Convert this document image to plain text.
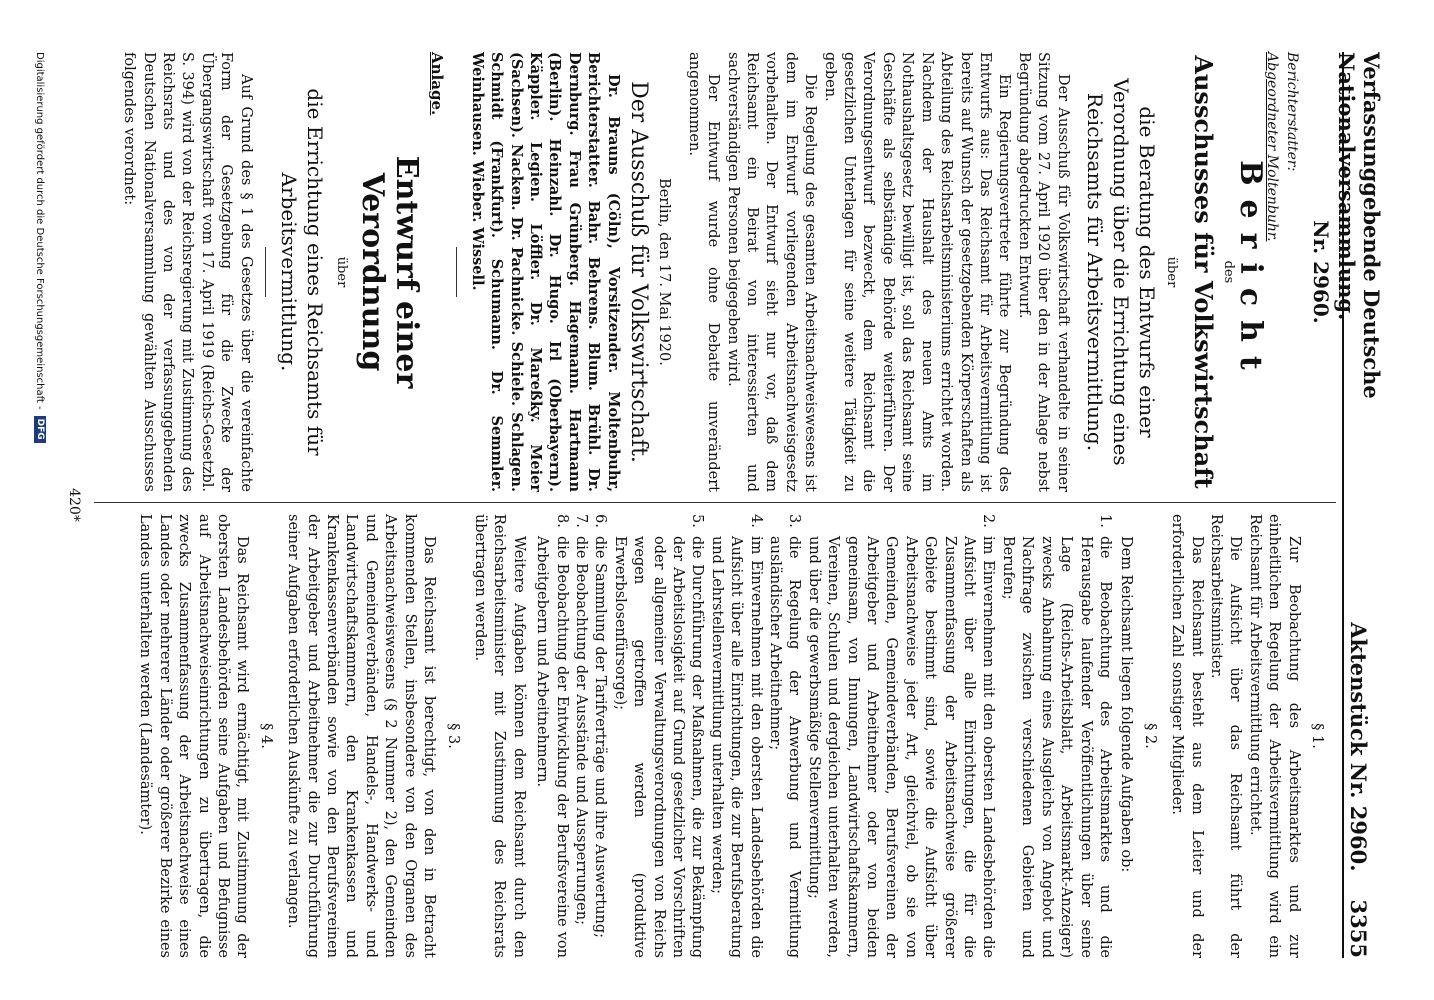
Verfassunggebende Deutsche Nationalversammlung.
Aktenstück Nr. 2960.
3355
Nr. 2960.

Berichterstatter:

Abgeordneter Moltenbuhr.

Bericht
des
Ausschusses für Volkswirtschaft
über
die Beratung des Entwurfs einer Verordnung über die Errichtung eines Reichsamts für Arbeitsvermittlung.

Der Ausschuß für Volkswirtschaft verhandelte in seiner Sitzung vom 27. April 1920 über den in der Anlage nebst Begründung abgedruckten Entwurf.

Ein Regierungsvertreter führte zur Begründung des Entwurfs aus: Das Reichsamt für Arbeitsvermittlung ist bereits auf Wunsch der gesetzgebenden Körperschaften als Abteilung des Reichsarbeitsministeriums errichtet worden. Nachdem der Haushalt des neuen Amts im Nothaushaltsgesetz bewilligt ist, soll das Reichsamt seine Geschäfte als selbständige Behörde weiterführen. Der Verordnungsentwurf bezweckt, dem Reichsamt die gesetzlichen Unterlagen für seine weitere Tätigkeit zu geben.

Die Regelung des gesamten Arbeitsnachweiswesens ist dem im Entwurf vorliegenden Arbeitsnachweisgesetz vorbehalten. Der Entwurf sieht nur vor, daß dem Reichsamt ein Beirat von interessierten und sachverständigen Personen beigegeben wird.

Der Entwurf wurde ohne Debatte unverändert angenommen.

Berlin, den 17. Mai 1920.
Der Ausschuß für Volkswirtschaft.

Dr. Brauns (Cöln), Vorsitzender. Moltenbuhr, Berichterstatter. Bahr. Behrens. Blum. Brühl. Dr. Dernburg. Frau Grünberg. Hagemann. Hartmann (Berlin). Heinzahl. Dr. Hugo. Irl (Oberbayern). Käppler. Legien. Löffler. Dr. Mareßky. Meier (Sachsen). Nacken. Dr. Pachnicke. Schiele. Schlagen. Schmidt (Frankfurt). Schumann. Dr. Semmler. Weinhausen. Wieber. Wissell.

Anlage.
Entwurf einer Verordnung
über
die Errichtung eines Reichsamts für Arbeitsvermittlung.

Auf Grund des § 1 des Gesetzes über die vereinfachte Form der Gesetzgebung für die Zwecke der Übergangswirtschaft vom 17. April 1919 (Reichs-Gesetzbl. S. 394) wird von der Reichsregierung mit Zustimmung des Reichsrats und des von der verfassunggebenden Deutschen Nationalversammlung gewählten Ausschusses folgendes verordnet:

§ 1.

Zur Beobachtung des Arbeitsmarktes und zur einheitlichen Regelung der Arbeitsvermittlung wird ein Reichsamt für Arbeitsvermittlung errichtet.

Die Aufsicht über das Reichsamt führt der Reichsarbeitsminister.

Das Reichsamt besteht aus dem Leiter und der erforderlichen Zahl sonstiger Mitglieder.

§ 2.

Dem Reichsamt liegen folgende Aufgaben ob:

1.
die Beobachtung des Arbeitsmarktes und die Herausgabe laufender Veröffentlichungen über seine Lage (Reichs-Arbeitsblatt, Arbeitsmarkt-Anzeiger) zwecks Anbahnung eines Ausgleichs von Angebot und Nachfrage zwischen verschiedenen Gebieten und Berufen;
2.
im Einvernehmen mit den obersten Landesbehörden die Aufsicht über alle Einrichtungen, die für die Zusammenfassung der Arbeitsnachweise größerer Gebiete bestimmt sind, sowie die Aufsicht über Arbeitsnachweise jeder Art, gleichviel, ob sie von Gemeinden, Gemeindeverbänden, Berufsvereinen der Arbeitgeber und Arbeitnehmer oder von beiden gemeinsam, von Innungen, Landwirtschaftskammern, Vereinen, Schulen und dergleichen unterhalten werden, und über die gewerbsmäßige Stellenvermittlung;
3.
die Regelung der Anwerbung und Vermittlung ausländischer Arbeitnehmer;
4.
im Einvernehmen mit den obersten Landesbehörden die Aufsicht über alle Einrichtungen, die zur Berufsberatung und Lehrstellenvermittlung unterhalten werden;
5.
die Durchführung der Maßnahmen, die zur Bekämpfung der Arbeitslosigkeit auf Grund gesetzlicher Vorschriften oder allgemeiner Verwaltungsverordnungen von Reichs wegen getroffen werden (produktive Erwerbslosenfürsorge);
6.
die Sammlung der Tarifverträge und ihre Auswertung;
7.
die Beobachtung der Ausstände und Aussperrungen;
8.
die Beobachtung der Entwicklung der Berufsvereine von Arbeitgebern und Arbeitnehmern.

Weitere Aufgaben können dem Reichsamt durch den Reichsarbeitsminister mit Zustimmung des Reichsrats übertragen werden.

§ 3.

Das Reichsamt ist berechtigt, von den in Betracht kommenden Stellen, insbesondere von den Organen des Arbeitsnachweiswesens (§ 2 Nummer 2), den Gemeinden und Gemeindeverbänden, Handels-, Handwerks- und Landwirtschaftskammern, den Krankenkassen und Krankenkassenverbänden sowie von den Berufsvereinen der Arbeitgeber und Arbeitnehmer die zur Durchführung seiner Aufgaben erforderlichen Auskünfte zu verlangen.

§ 4.

Das Reichsamt wird ermächtigt, mit Zustimmung der obersten Landesbehörden seine Aufgaben und Befugnisse auf Arbeitsnachweiseinrichtungen zu übertragen, die zwecks Zusammenfassung der Arbeitsnachweise eines Landes oder mehrerer Länder oder größerer Bezirke eines Landes unterhalten werden (Landesämter).

420*
Digitalisierung gefördert durch die Deutsche Forschungsgemeinschaft -
DFG
